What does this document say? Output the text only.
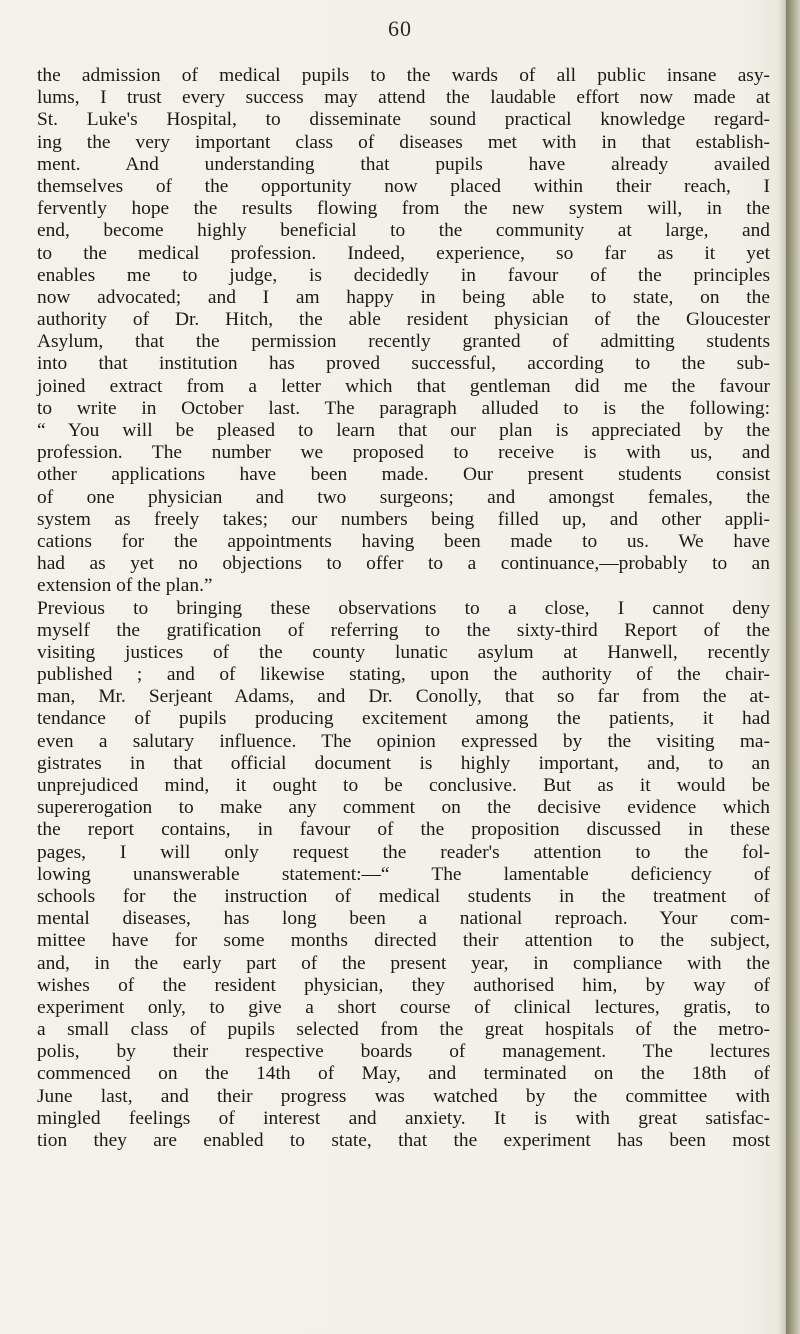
60
the admission of medical pupils to the wards of all public insane asy-
lums, I trust every success may attend the laudable effort now made at
St. Luke's Hospital, to disseminate sound practical knowledge regard-
ing the very important class of diseases met with in that establish-
ment. And understanding that pupils have already availed
themselves of the opportunity now placed within their reach, I
fervently hope the results flowing from the new system will, in the
end, become highly beneficial to the community at large, and
to the medical profession. Indeed, experience, so far as it yet
enables me to judge, is decidedly in favour of the principles
now advocated; and I am happy in being able to state, on the
authority of Dr. Hitch, the able resident physician of the Gloucester
Asylum, that the permission recently granted of admitting students
into that institution has proved successful, according to the sub-
joined extract from a letter which that gentleman did me the favour
to write in October last. The paragraph alluded to is the following:
“ You will be pleased to learn that our plan is appreciated by the
profession. The number we proposed to receive is with us, and
other applications have been made. Our present students consist
of one physician and two surgeons; and amongst females, the
system as freely takes; our numbers being filled up, and other appli-
cations for the appointments having been made to us. We have
had as yet no objections to offer to a continuance,—probably to an
extension of the plan.”
Previous to bringing these observations to a close, I cannot deny
myself the gratification of referring to the sixty-third Report of the
visiting justices of the county lunatic asylum at Hanwell, recently
published ; and of likewise stating, upon the authority of the chair-
man, Mr. Serjeant Adams, and Dr. Conolly, that so far from the at-
tendance of pupils producing excitement among the patients, it had
even a salutary influence. The opinion expressed by the visiting ma-
gistrates in that official document is highly important, and, to an
unprejudiced mind, it ought to be conclusive. But as it would be
supererogation to make any comment on the decisive evidence which
the report contains, in favour of the proposition discussed in these
pages, I will only request the reader's attention to the fol-
lowing unanswerable statement:—“ The lamentable deficiency of
schools for the instruction of medical students in the treatment of
mental diseases, has long been a national reproach. Your com-
mittee have for some months directed their attention to the subject,
and, in the early part of the present year, in compliance with the
wishes of the resident physician, they authorised him, by way of
experiment only, to give a short course of clinical lectures, gratis, to
a small class of pupils selected from the great hospitals of the metro-
polis, by their respective boards of management. The lectures
commenced on the 14th of May, and terminated on the 18th of
June last, and their progress was watched by the committee with
mingled feelings of interest and anxiety. It is with great satisfac-
tion they are enabled to state, that the experiment has been most
